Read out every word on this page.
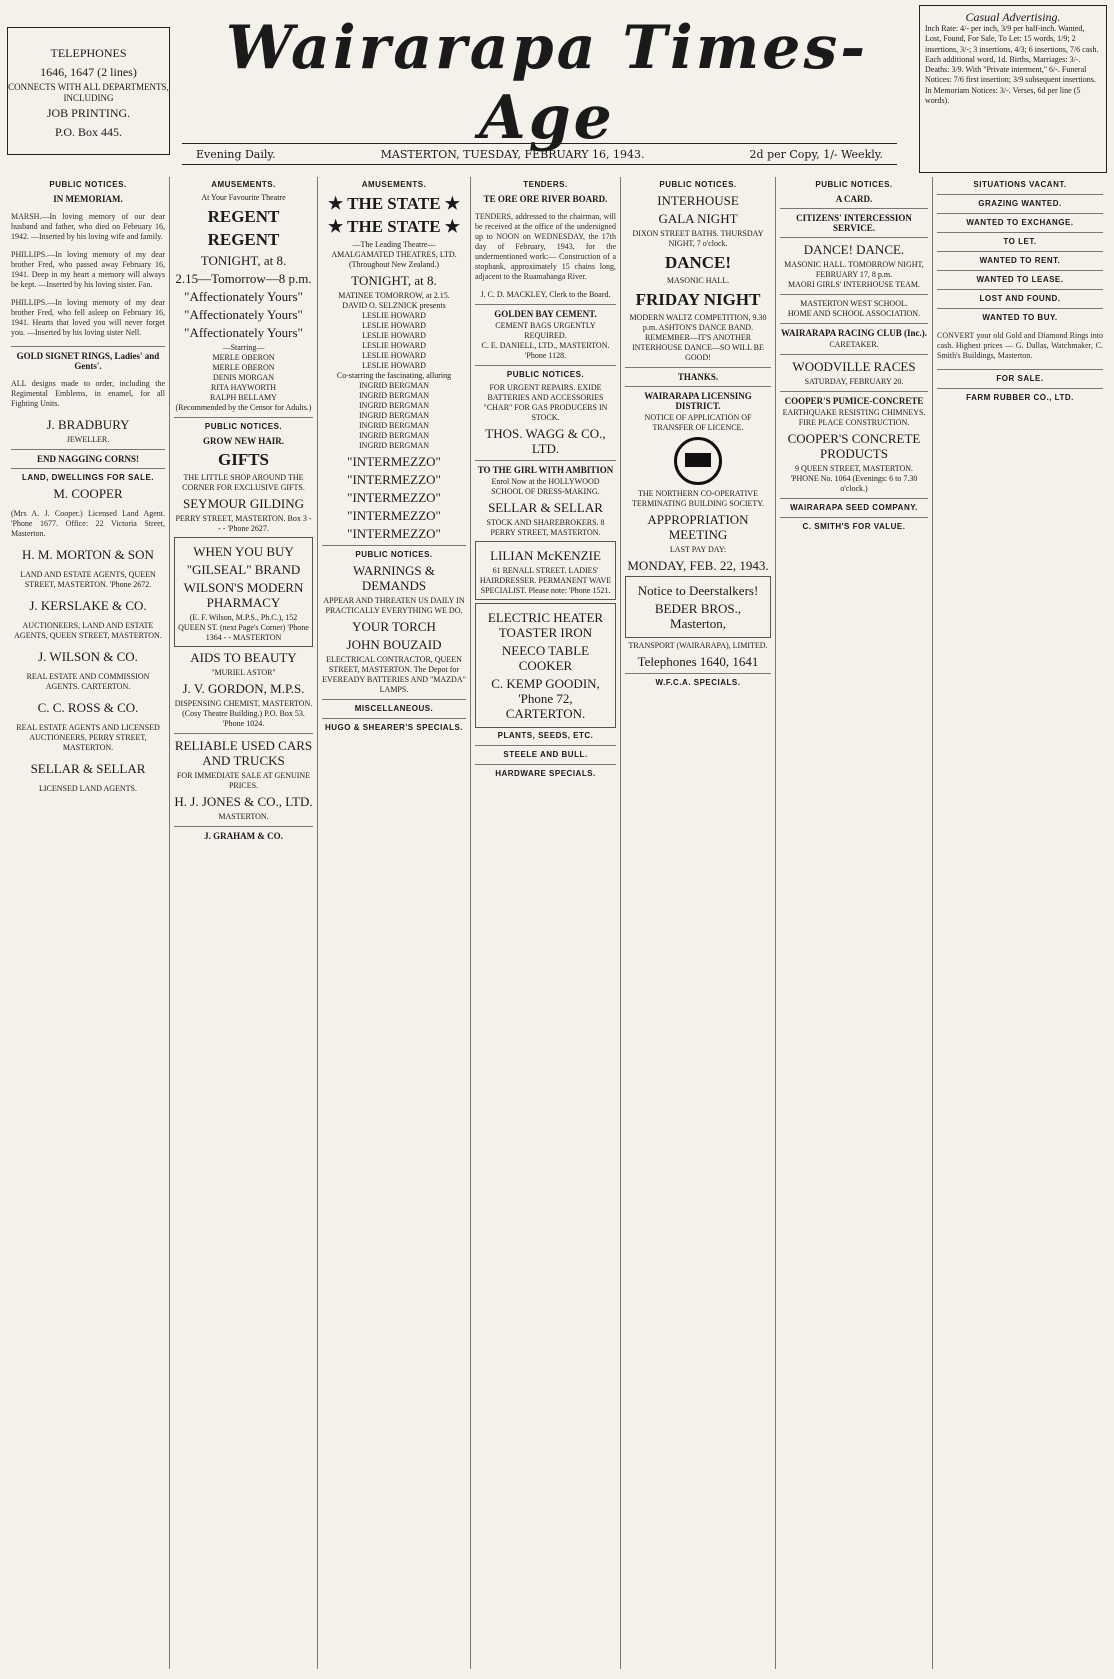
TELEPHONES
1646, 1647 (2 lines)
CONNECTS WITH ALL DEPARTMENTS, INCLUDING
JOB PRINTING.
P.O. Box 445.
Wairarapa Times-Age
Evening Daily.	MASTERTON, TUESDAY, FEBRUARY 16, 1943.	2d per Copy, 1/- Weekly.
Casual Advertising.
Inch Rate: 4/- per inch, 3/9 per half-inch. Wanted, Lost, Found, For Sale, To Let: 15 words, 1/9; 2 insertions, 3/-; 3 insertions, 4/3; 6 insertions, 7/6 cash. Each additional word, 1d. Births, Marriages: 3/-. Deaths: 3/9. With "Private interment," 6/-. Funeral Notices: 7/6 first insertion; 3/9 subsequent insertions. In Memoriam Notices: 3/-. Verses, 6d per line (5 words).
PUBLIC NOTICES.
IN MEMORIAM.

MARSH.—In loving memory of our dear husband and father, who died on February 16, 1942. —Inserted by his loving wife and family.

PHILLIPS.—In loving memory of my dear brother Fred, who passed away February 16, 1941. Deep in my heart a memory will always be kept. —Inserted by his loving sister. Fan.

PHILLIPS.—In loving memory of my dear brother Fred, who fell asleep on February 16, 1941. Hearts that loved you will never forget you. —Inserted by his loving sister Nell.

GOLD SIGNET RINGS, Ladies' and Gents'.

ALL designs made to order, including the Regimental Emblems, in enamel, for all Fighting Units.

J. BRADBURY
JEWELLER.
END NAGGING CORNS!
LAND, DWELLINGS FOR SALE.
M. COOPER

(Mrs A. J. Cooper.) Licensed Land Agent. 'Phone 1677. Office: 22 Victoria Street, Masterton.

H. M. MORTON & SON

LAND AND ESTATE AGENTS, QUEEN STREET, MASTERTON. 'Phone 2672.

J. KERSLAKE & CO.

AUCTIONEERS, LAND AND ESTATE AGENTS, QUEEN STREET, MASTERTON.

J. WILSON & CO.

REAL ESTATE AND COMMISSION AGENTS. CARTERTON.

C. C. ROSS & CO.

REAL ESTATE AGENTS AND LICENSED AUCTIONEERS, PERRY STREET, MASTERTON.

SELLAR & SELLAR

LICENSED LAND AGENTS.

AMUSEMENTS.
At Your Favourite Theatre
REGENT
REGENT
TONIGHT, at 8.
2.15—Tomorrow—8 p.m.
"Affectionately Yours"
"Affectionately Yours"
"Affectionately Yours"
—Starring—
MERLE OBERON
MERLE OBERON
DENIS MORGAN
RITA HAYWORTH
RALPH BELLAMY
(Recommended by the Censor for Adults.)
PUBLIC NOTICES.
GROW NEW HAIR.
GIFTS
THE LITTLE SHOP AROUND THE CORNER FOR EXCLUSIVE GIFTS.
SEYMOUR GILDING
PERRY STREET, MASTERTON. Box 3 - - - 'Phone 2627.
WHEN YOU BUY
"GILSEAL" BRAND
WILSON'S MODERN PHARMACY
(E. F. Wilson, M.P.S., Ph.C.), 152 QUEEN ST. (next Page's Corner) 'Phone 1364 - - MASTERTON
AIDS TO BEAUTY
"MURIEL ASTOR"
J. V. GORDON, M.P.S.
DISPENSING CHEMIST, MASTERTON. (Cosy Theatre Building.) P.O. Box 53. 'Phone 1024.
RELIABLE USED CARS AND TRUCKS
FOR IMMEDIATE SALE AT GENUINE PRICES.
H. J. JONES & CO., LTD.
MASTERTON.
J. GRAHAM & CO.
AMUSEMENTS.
★ THE STATE ★
★ THE STATE ★
—The Leading Theatre— AMALGAMATED THEATRES, LTD. (Throughout New Zealand.)
TONIGHT, at 8.
MATINEE TOMORROW, at 2.15.
DAVID O. SELZNICK presents
LESLIE HOWARD
LESLIE HOWARD
LESLIE HOWARD
LESLIE HOWARD
LESLIE HOWARD
LESLIE HOWARD
Co-starring the fascinating, alluring
INGRID BERGMAN
INGRID BERGMAN
INGRID BERGMAN
INGRID BERGMAN
INGRID BERGMAN
INGRID BERGMAN
INGRID BERGMAN
"INTERMEZZO"
"INTERMEZZO"
"INTERMEZZO"
"INTERMEZZO"
"INTERMEZZO"
PUBLIC NOTICES.
WARNINGS & DEMANDS
APPEAR AND THREATEN US DAILY IN PRACTICALLY EVERYTHING WE DO.
YOUR TORCH
JOHN BOUZAID
ELECTRICAL CONTRACTOR, QUEEN STREET, MASTERTON. The Depot for EVEREADY BATTERIES AND "MAZDA" LAMPS.
MISCELLANEOUS.
HUGO & SHEARER'S SPECIALS.
TENDERS.
TE ORE ORE RIVER BOARD.

TENDERS, addressed to the chairman, will be received at the office of the undersigned up to NOON on WEDNESDAY, the 17th day of February, 1943, for the undermentioned work:— Construction of a stopbank, approximately 15 chains long, adjacent to the Ruamahanga River.

J. C. D. MACKLEY, Clerk to the Board.
GOLDEN BAY CEMENT.
CEMENT BAGS URGENTLY REQUIRED.
C. E. DANIELL, LTD., MASTERTON. 'Phone 1128.
PUBLIC NOTICES.
FOR URGENT REPAIRS. EXIDE BATTERIES AND ACCESSORIES "CHAR" FOR GAS PRODUCERS IN STOCK.
THOS. WAGG & CO., LTD.
TO THE GIRL WITH AMBITION
Enrol Now at the HOLLYWOOD SCHOOL OF DRESS-MAKING.
SELLAR & SELLAR
STOCK AND SHAREBROKERS. 8 PERRY STREET, MASTERTON.
LILIAN McKENZIE
61 RENALL STREET. LADIES' HAIRDRESSER. PERMANENT WAVE SPECIALIST. Please note: 'Phone 1521.
ELECTRIC HEATER TOASTER IRON
NEECO TABLE COOKER
C. KEMP GOODIN, 'Phone 72, CARTERTON.
PLANTS, SEEDS, ETC.
STEELE AND BULL.
HARDWARE SPECIALS.
PUBLIC NOTICES.
INTERHOUSE
GALA NIGHT
DIXON STREET BATHS. THURSDAY NIGHT, 7 o'clock.
DANCE!
MASONIC HALL.
FRIDAY NIGHT
MODERN WALTZ COMPETITION, 9.30 p.m. ASHTON'S DANCE BAND.
REMEMBER—IT'S ANOTHER INTERHOUSE DANCE—SO WILL BE GOOD!
THANKS.
WAIRARAPA LICENSING DISTRICT.
NOTICE OF APPLICATION OF TRANSFER OF LICENCE.
THE NORTHERN CO-OPERATIVE TERMINATING BUILDING SOCIETY.
APPROPRIATION MEETING
LAST PAY DAY:
MONDAY, FEB. 22, 1943.
Notice to Deerstalkers!
BEDER BROS., Masterton,
TRANSPORT (WAIRARAPA), LIMITED.
Telephones 1640, 1641
W.F.C.A. SPECIALS.
PUBLIC NOTICES.
A CARD.
CITIZENS' INTERCESSION SERVICE.
DANCE! DANCE.
MASONIC HALL. TOMORROW NIGHT, FEBRUARY 17, 8 p.m.
MAORI GIRLS' INTERHOUSE TEAM.
MASTERTON WEST SCHOOL.
HOME AND SCHOOL ASSOCIATION.
WAIRARAPA RACING CLUB (Inc.).
CARETAKER.
WOODVILLE RACES
SATURDAY, FEBRUARY 20.
COOPER'S PUMICE-CONCRETE
EARTHQUAKE RESISTING CHIMNEYS.
FIRE PLACE CONSTRUCTION.
COOPER'S CONCRETE PRODUCTS
9 QUEEN STREET, MASTERTON. 'PHONE No. 1064 (Evenings: 6 to 7.30 o'clock.)
WAIRARAPA SEED COMPANY.
C. SMITH'S FOR VALUE.
SITUATIONS VACANT.
GRAZING WANTED.
WANTED TO EXCHANGE.
TO LET.
WANTED TO RENT.
WANTED TO LEASE.
LOST AND FOUND.
WANTED TO BUY.

CONVERT your old Gold and Diamond Rings into cash. Highest prices — G. Dallas, Watchmaker, C. Smith's Buildings, Masterton.

FOR SALE.
FARM RUBBER CO., LTD.
